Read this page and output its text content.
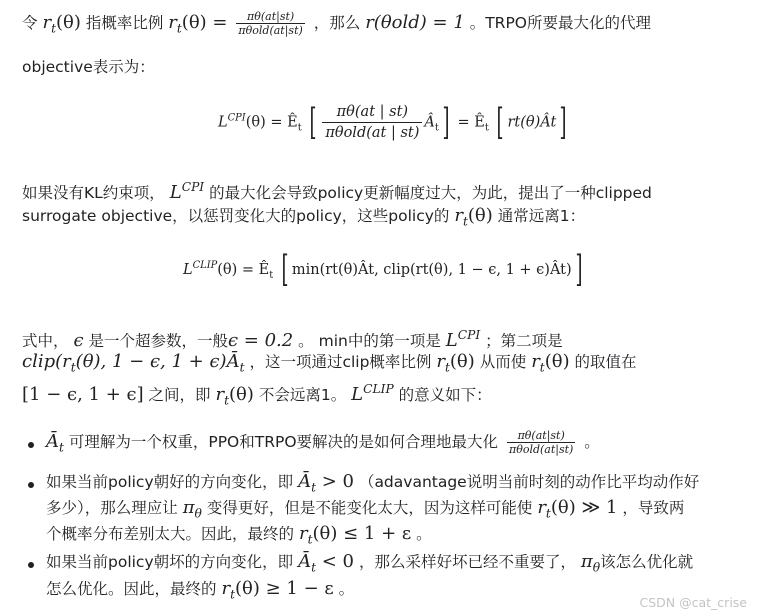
令 $r_t(\theta)$ 指概率比例 $r_t(\theta) = \frac{\pi\theta(at|st)}{\text{πθold(at|st)}}$ ，那么 r(θold) = 1 。TRPO所要最大化的代理
objective表示为：
$L^{CPI}(\theta)$ = $Ê_t$ [ $\frac{\pi\theta(at | st)}{\text{πθold(at | st)}}$ $Â_t$] = $Ê_t$ [ rt(θ)Ât]
如果没有KL约束项， $L^{CPI}$ 的最大化会导致policy更新幅度过大，为此，提出了一种clipped
surrogate objective，以惩罚变化大的policy，这些policy的 $r_t(\theta)$ 通常远离1：
$L^{CLIP}(\theta)$ = $Ê_t$ [ min(rt(θ)Ât, clip(rt(θ), 1 − ϵ, 1 + ϵ)Ât)]
式中， ϵ 是一个超参数，一般ϵ = 0.2 。 min中的第一项是 $L^{CPI}$ ；第二项是
$clip(r_t(\theta)$, 1 − ϵ, $1 + \epsilon)Ā_t$ ，这一项通过clip概率比例 $r_t(\theta)$ 从而使 $r_t(\theta)$ 的取值在
[1 − ϵ, 1 + ϵ] 之间，即 $r_t(\theta)$ 不会远离1。 $L^{CLIP}$ 的意义如下：
$Ā_t$ 可理解为一个权重，PPO和TRPO要解决的是如何合理地最大化 $\frac{\pi\theta(at|st)}{\text{πθold(at|st)}}$ 。
如果当前policy朝好的方向变化，即 $Ā_t > 0$ （adavantage说明当前时刻的动作比平均动作好
多少），那么理应让 $\pi_\theta$ 变得更好，但是不能变化太大，因为这样可能使 $r_t(\theta)$ ≫ 1 ，导致两
个概率分布差别太大。因此，最终的 $r_t(\theta) \le 1 + \varepsilon$ 。
如果当前policy朝坏的方向变化，即 $Ā_t < 0$ ，那么采样好坏已经不重要了， $\pi_\theta$该怎么优化就
怎么优化。因此，最终的 $r_t(\theta) \ge 1 - \varepsilon$ 。
CSDN @cat_crise
